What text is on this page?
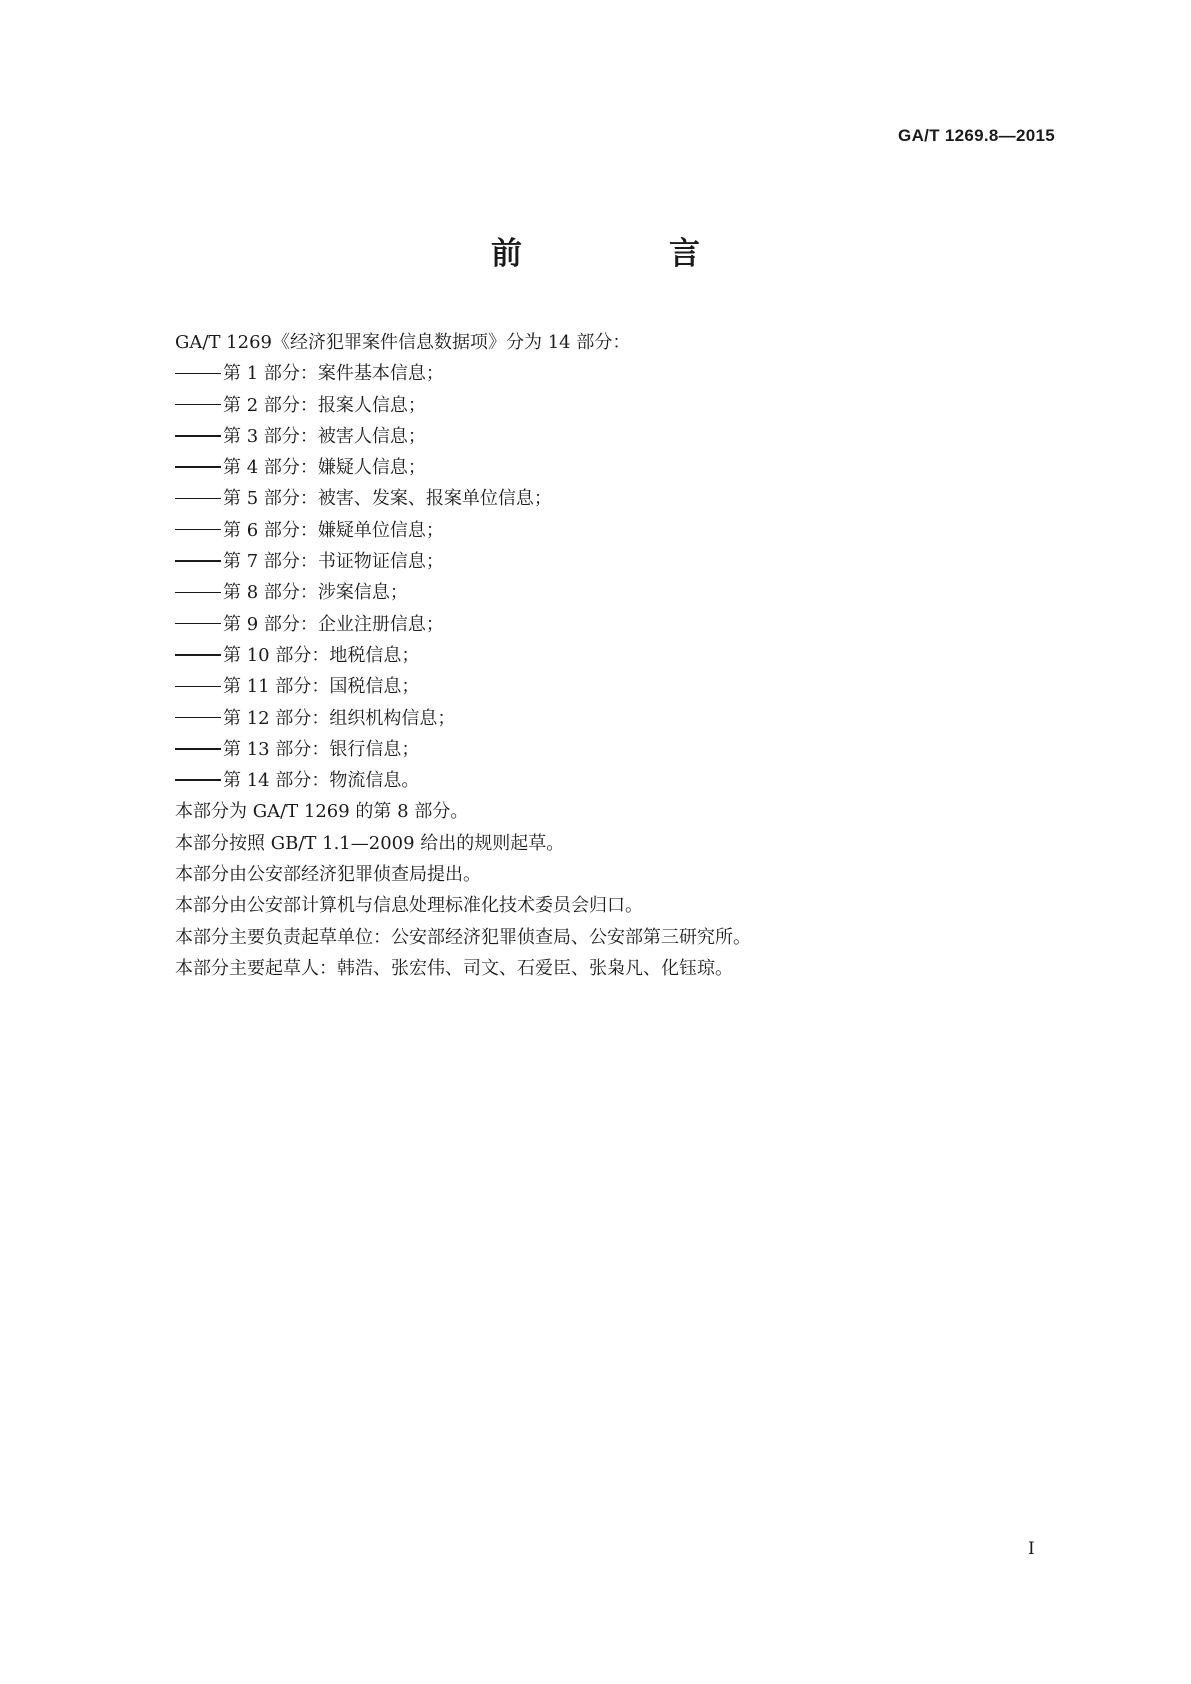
GA/T 1269.8—2015
前　言
GA/T 1269《经济犯罪案件信息数据项》分为 14 部分：
第 1 部分：案件基本信息；
第 2 部分：报案人信息；
第 3 部分：被害人信息；
第 4 部分：嫌疑人信息；
第 5 部分：被害、发案、报案单位信息；
第 6 部分：嫌疑单位信息；
第 7 部分：书证物证信息；
第 8 部分：涉案信息；
第 9 部分：企业注册信息；
第 10 部分：地税信息；
第 11 部分：国税信息；
第 12 部分：组织机构信息；
第 13 部分：银行信息；
第 14 部分：物流信息。
本部分为 GA/T 1269 的第 8 部分。
本部分按照 GB/T 1.1—2009 给出的规则起草。
本部分由公安部经济犯罪侦查局提出。
本部分由公安部计算机与信息处理标准化技术委员会归口。
本部分主要负责起草单位：公安部经济犯罪侦查局、公安部第三研究所。
本部分主要起草人：韩浩、张宏伟、司文、石爱臣、张枭凡、化钰琼。
I
